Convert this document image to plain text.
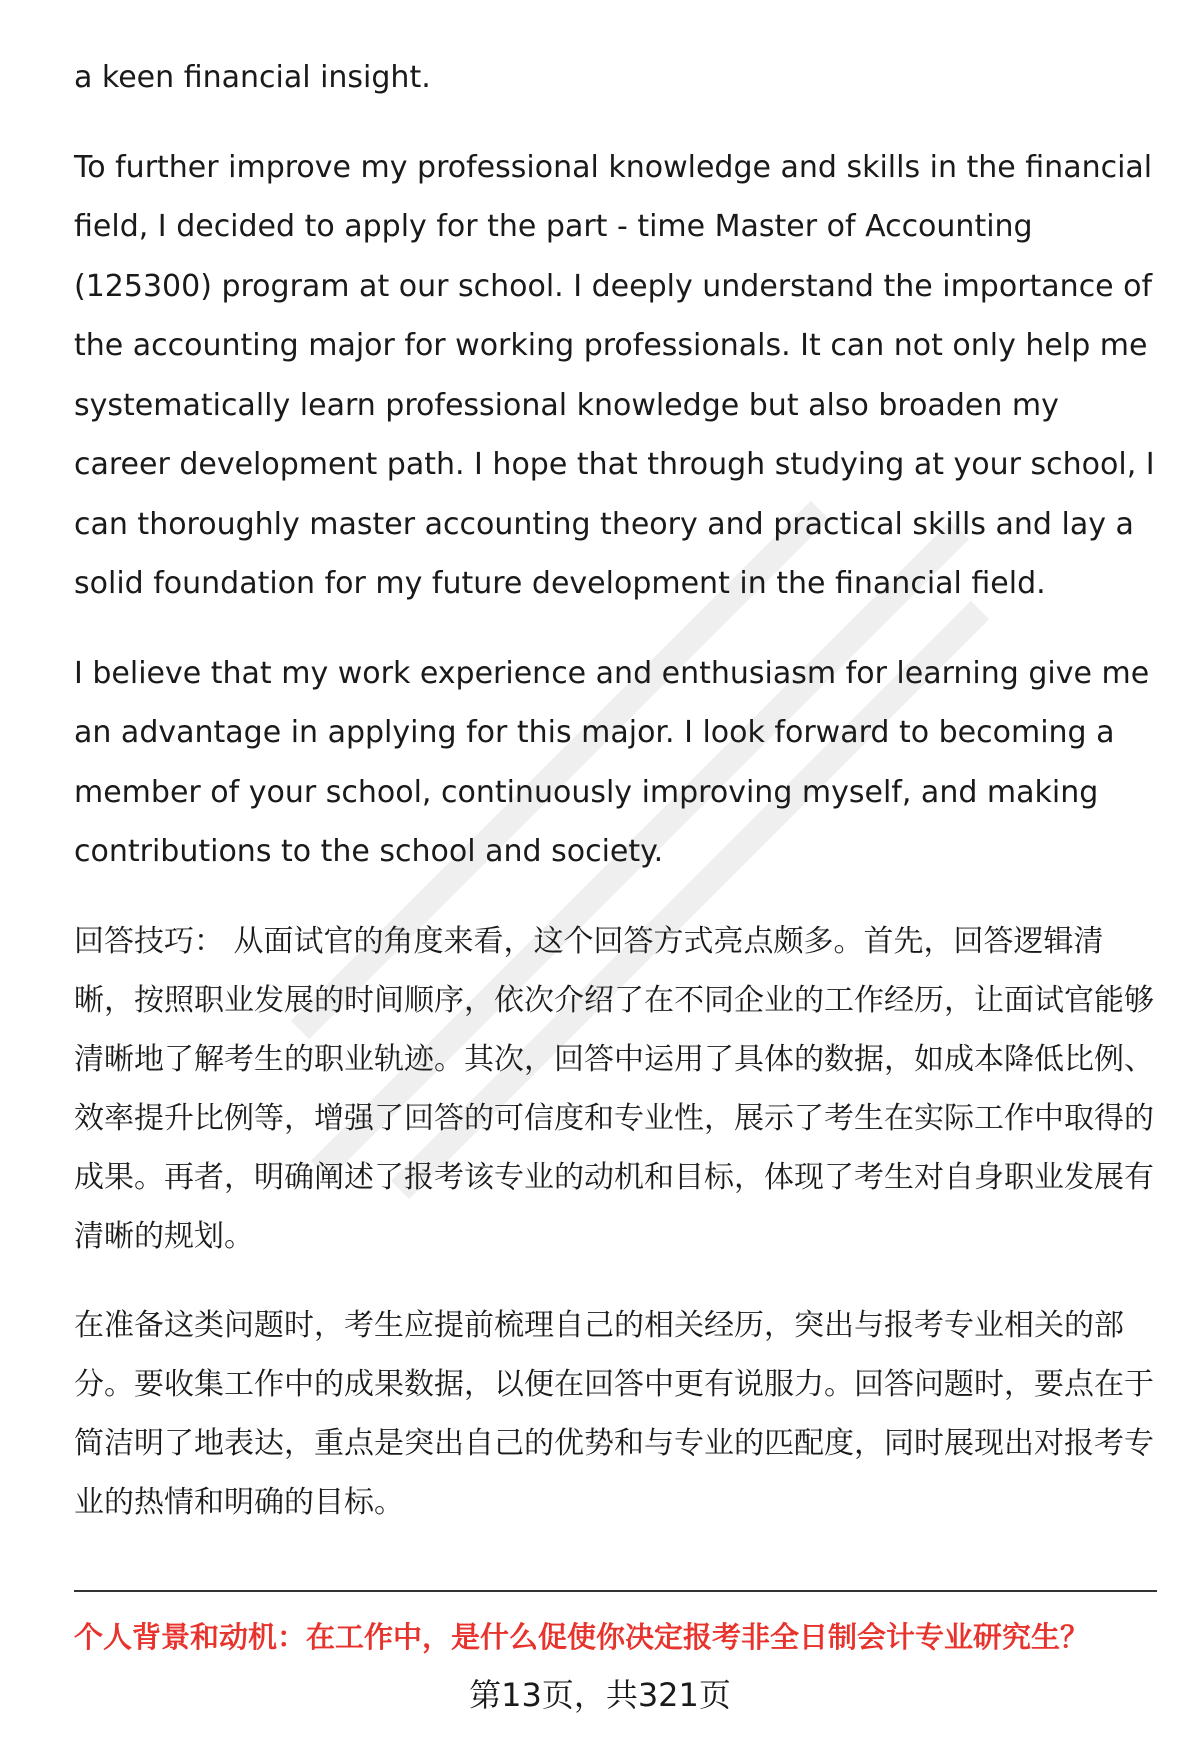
a keen financial insight.

To further improve my professional knowledge and skills in the financial field, I decided to apply for the part - time Master of Accounting (125300) program at our school. I deeply understand the importance of the accounting major for working professionals. It can not only help me systematically learn professional knowledge but also broaden my career development path. I hope that through studying at your school, I can thoroughly master accounting theory and practical skills and lay a solid foundation for my future development in the financial field.

I believe that my work experience and enthusiasm for learning give me an advantage in applying for this major. I look forward to becoming a member of your school, continuously improving myself, and making contributions to the school and society.

回答技巧： 从面试官的角度来看，这个回答方式亮点颇多。首先，回答逻辑清晰，按照职业发展的时间顺序，依次介绍了在不同企业的工作经历，让面试官能够清晰地了解考生的职业轨迹。其次，回答中运用了具体的数据，如成本降低比例、效率提升比例等，增强了回答的可信度和专业性，展示了考生在实际工作中取得的成果。再者，明确阐述了报考该专业的动机和目标，体现了考生对自身职业发展有清晰的规划。

在准备这类问题时，考生应提前梳理自己的相关经历，突出与报考专业相关的部分。要收集工作中的成果数据，以便在回答中更有说服力。回答问题时，要点在于简洁明了地表达，重点是突出自己的优势和与专业的匹配度，同时展现出对报考专业的热情和明确的目标。

个人背景和动机：在工作中，是什么促使你决定报考非全日制会计专业研究生？
第13页，共321页
